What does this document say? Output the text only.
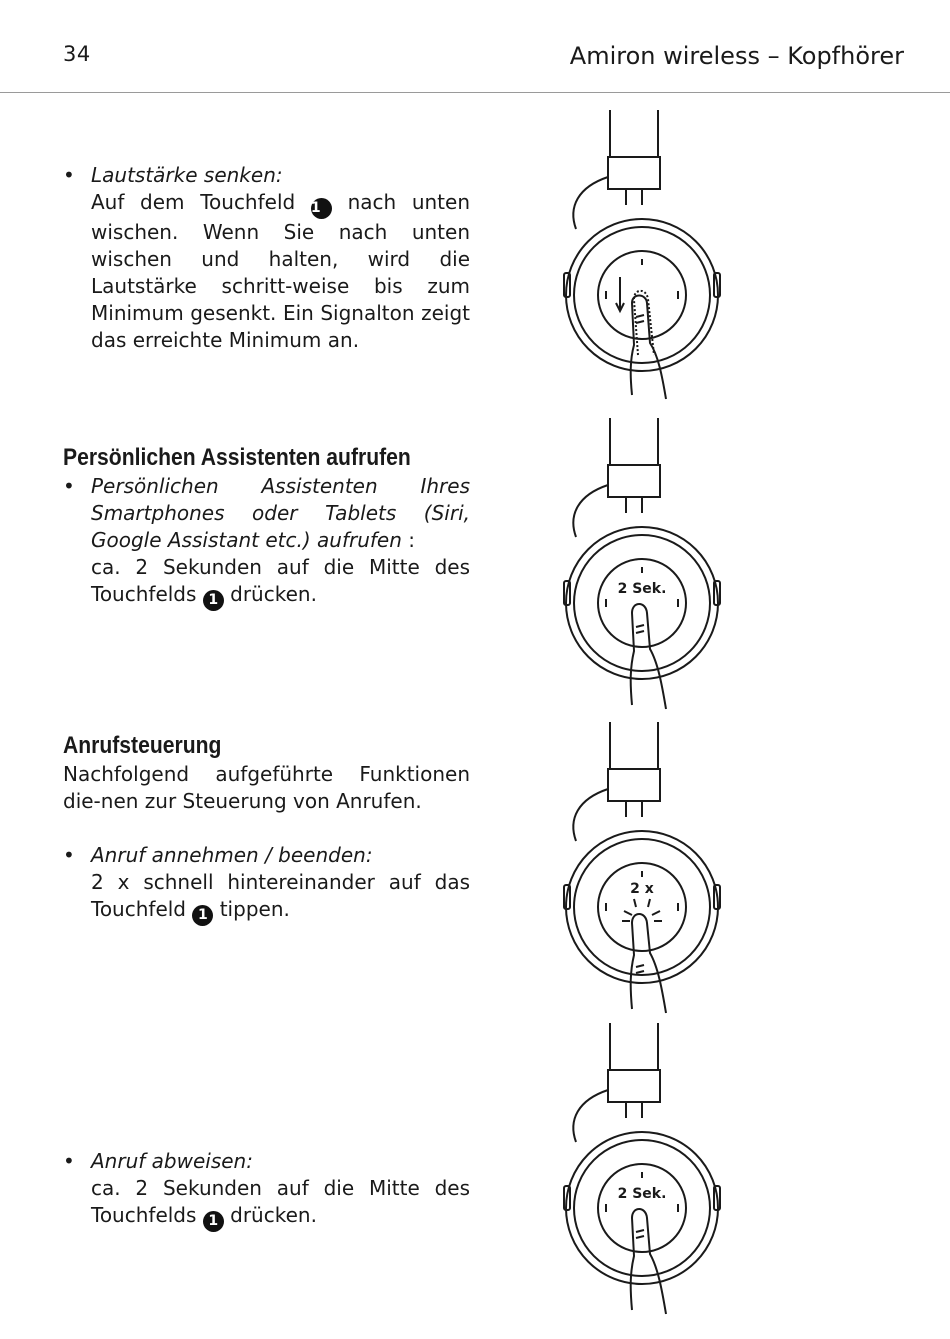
34	Amiron wireless – Kopfhörer
• Lautstärke senken:
Auf dem Touchfeld 1 nach unten
wischen. Wenn Sie nach unten wischen und halten, wird die Lautstärke schritt-weise bis zum Minimum gesenkt. Ein Signalton zeigt das erreichte Minimum an.
Persönlichen Assistenten aufrufen
• Persönlichen Assistenten Ihres Smartphones oder Tablets (Siri, Google Assistant etc.) aufrufen :
ca. 2 Sekunden auf die Mitte des Touchfelds 1 drücken.
Anrufsteuerung
Nachfolgend aufgeführte Funktionen die-nen zur Steuerung von Anrufen.
• Anruf annehmen / beenden:
2 x schnell hintereinander auf das Touchfeld 1 tippen.
• Anruf abweisen:
ca. 2 Sekunden auf die Mitte des Touchfelds 1 drücken.
2 Sek.
2 x
2 Sek.
